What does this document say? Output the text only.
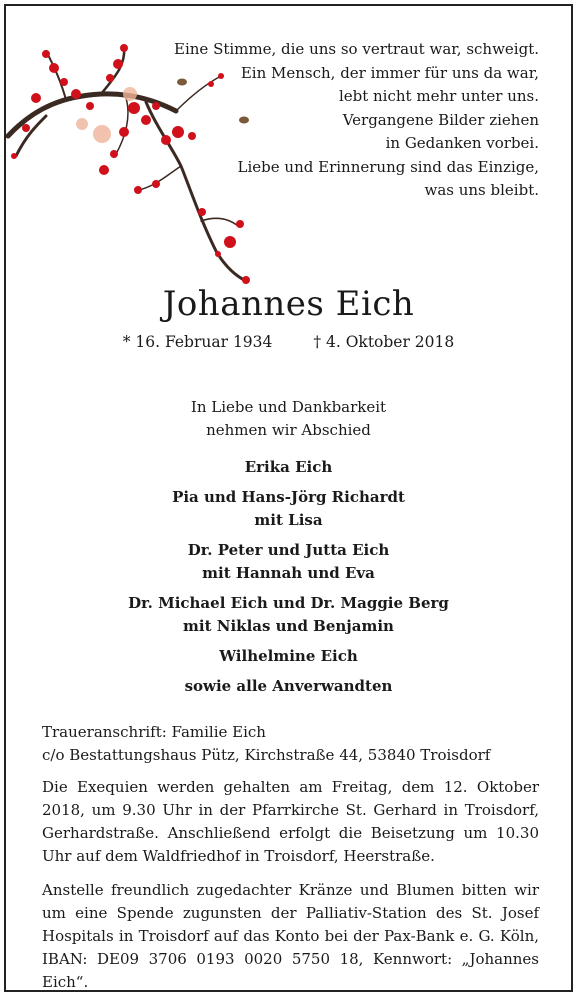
Eine Stimme, die uns so vertraut war, schweigt.
Ein Mensch, der immer für uns da war,
lebt nicht mehr unter uns.
Vergangene Bilder ziehen
in Gedanken vorbei.
Liebe und Erinnerung sind das Einzige,
was uns bleibt.
Johannes Eich
* 16. Februar 1934	† 4. Oktober 2018
In Liebe und Dankbarkeit
nehmen wir Abschied
Erika Eich
Pia und Hans-Jörg Richardt
mit Lisa
Dr. Peter und Jutta Eich
mit Hannah und Eva
Dr. Michael Eich und Dr. Maggie Berg
mit Niklas und Benjamin
Wilhelmine Eich
sowie alle Anverwandten
Traueranschrift: Familie Eich
c/o Bestattungshaus Pütz, Kirchstraße 44, 53840 Troisdorf
Die Exequien werden gehalten am Freitag, dem 12. Oktober 2018, um 9.30 Uhr in der Pfarrkirche St. Gerhard in Troisdorf, Gerhardstraße. Anschließend erfolgt die Beisetzung um 10.30 Uhr auf dem Waldfriedhof in Troisdorf, Heerstraße.
Anstelle freundlich zugedachter Kränze und Blumen bitten wir um eine Spende zugunsten der Palliativ-Station des St. Josef Hospitals in Troisdorf auf das Konto bei der Pax-Bank e. G. Köln, IBAN: DE09 3706 0193 0020 5750 18, Kennwort: „Johannes Eich“.
